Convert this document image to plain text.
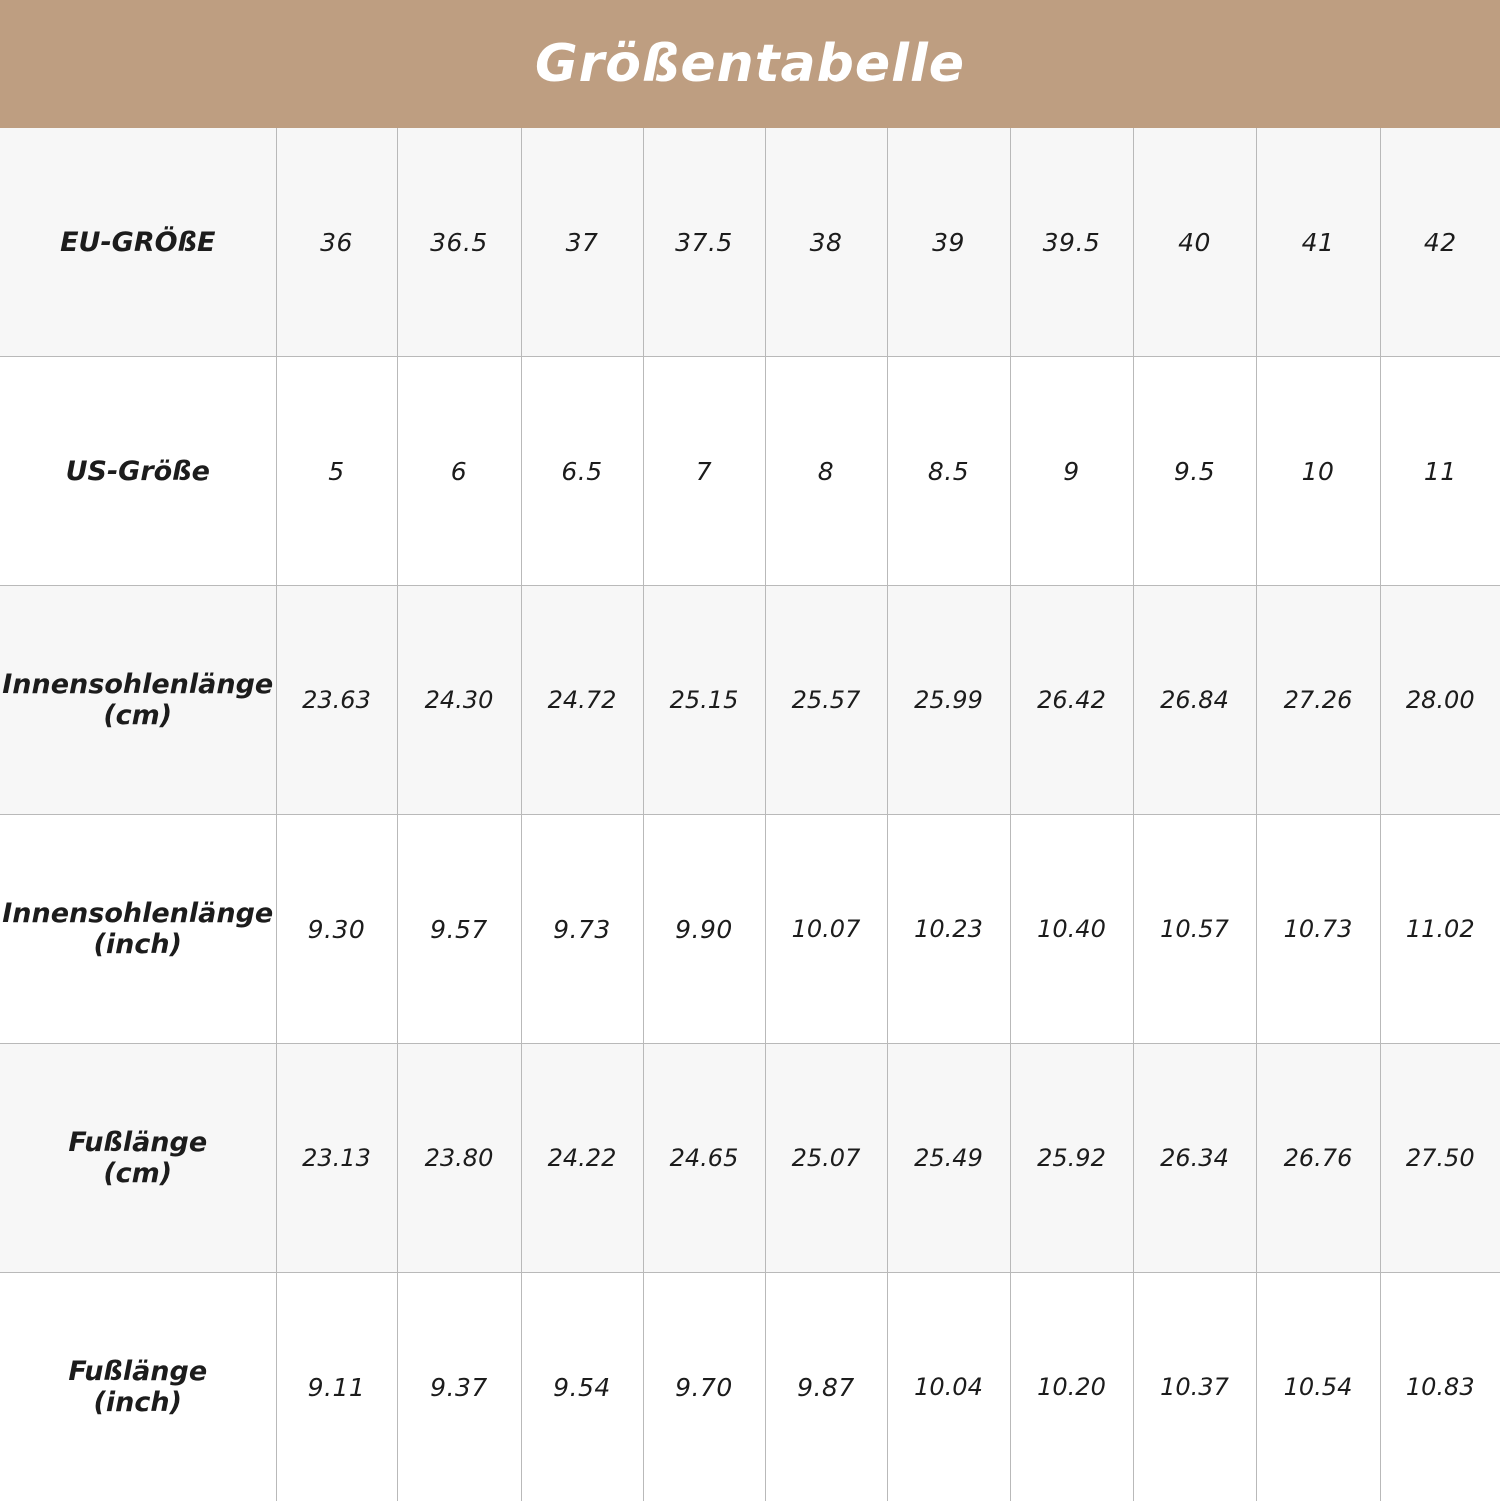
Größentabelle
EU-GRÖßE	36	36.5	37	37.5	38	39	39.5	40	41	42

US-Größe	5	6	6.5	7	8	8.5	9	9.5	10	11

Innensohlenlänge
(cm)	23.63	24.30	24.72	25.15	25.57	25.99	26.42	26.84	27.26	28.00

Innensohlenlänge
(inch)	9.30	9.57	9.73	9.90	10.07	10.23	10.40	10.57	10.73	11.02

Fußlänge
(cm)	23.13	23.80	24.22	24.65	25.07	25.49	25.92	26.34	26.76	27.50

Fußlänge
(inch)	9.11	9.37	9.54	9.70	9.87	10.04	10.20	10.37	10.54	10.83
